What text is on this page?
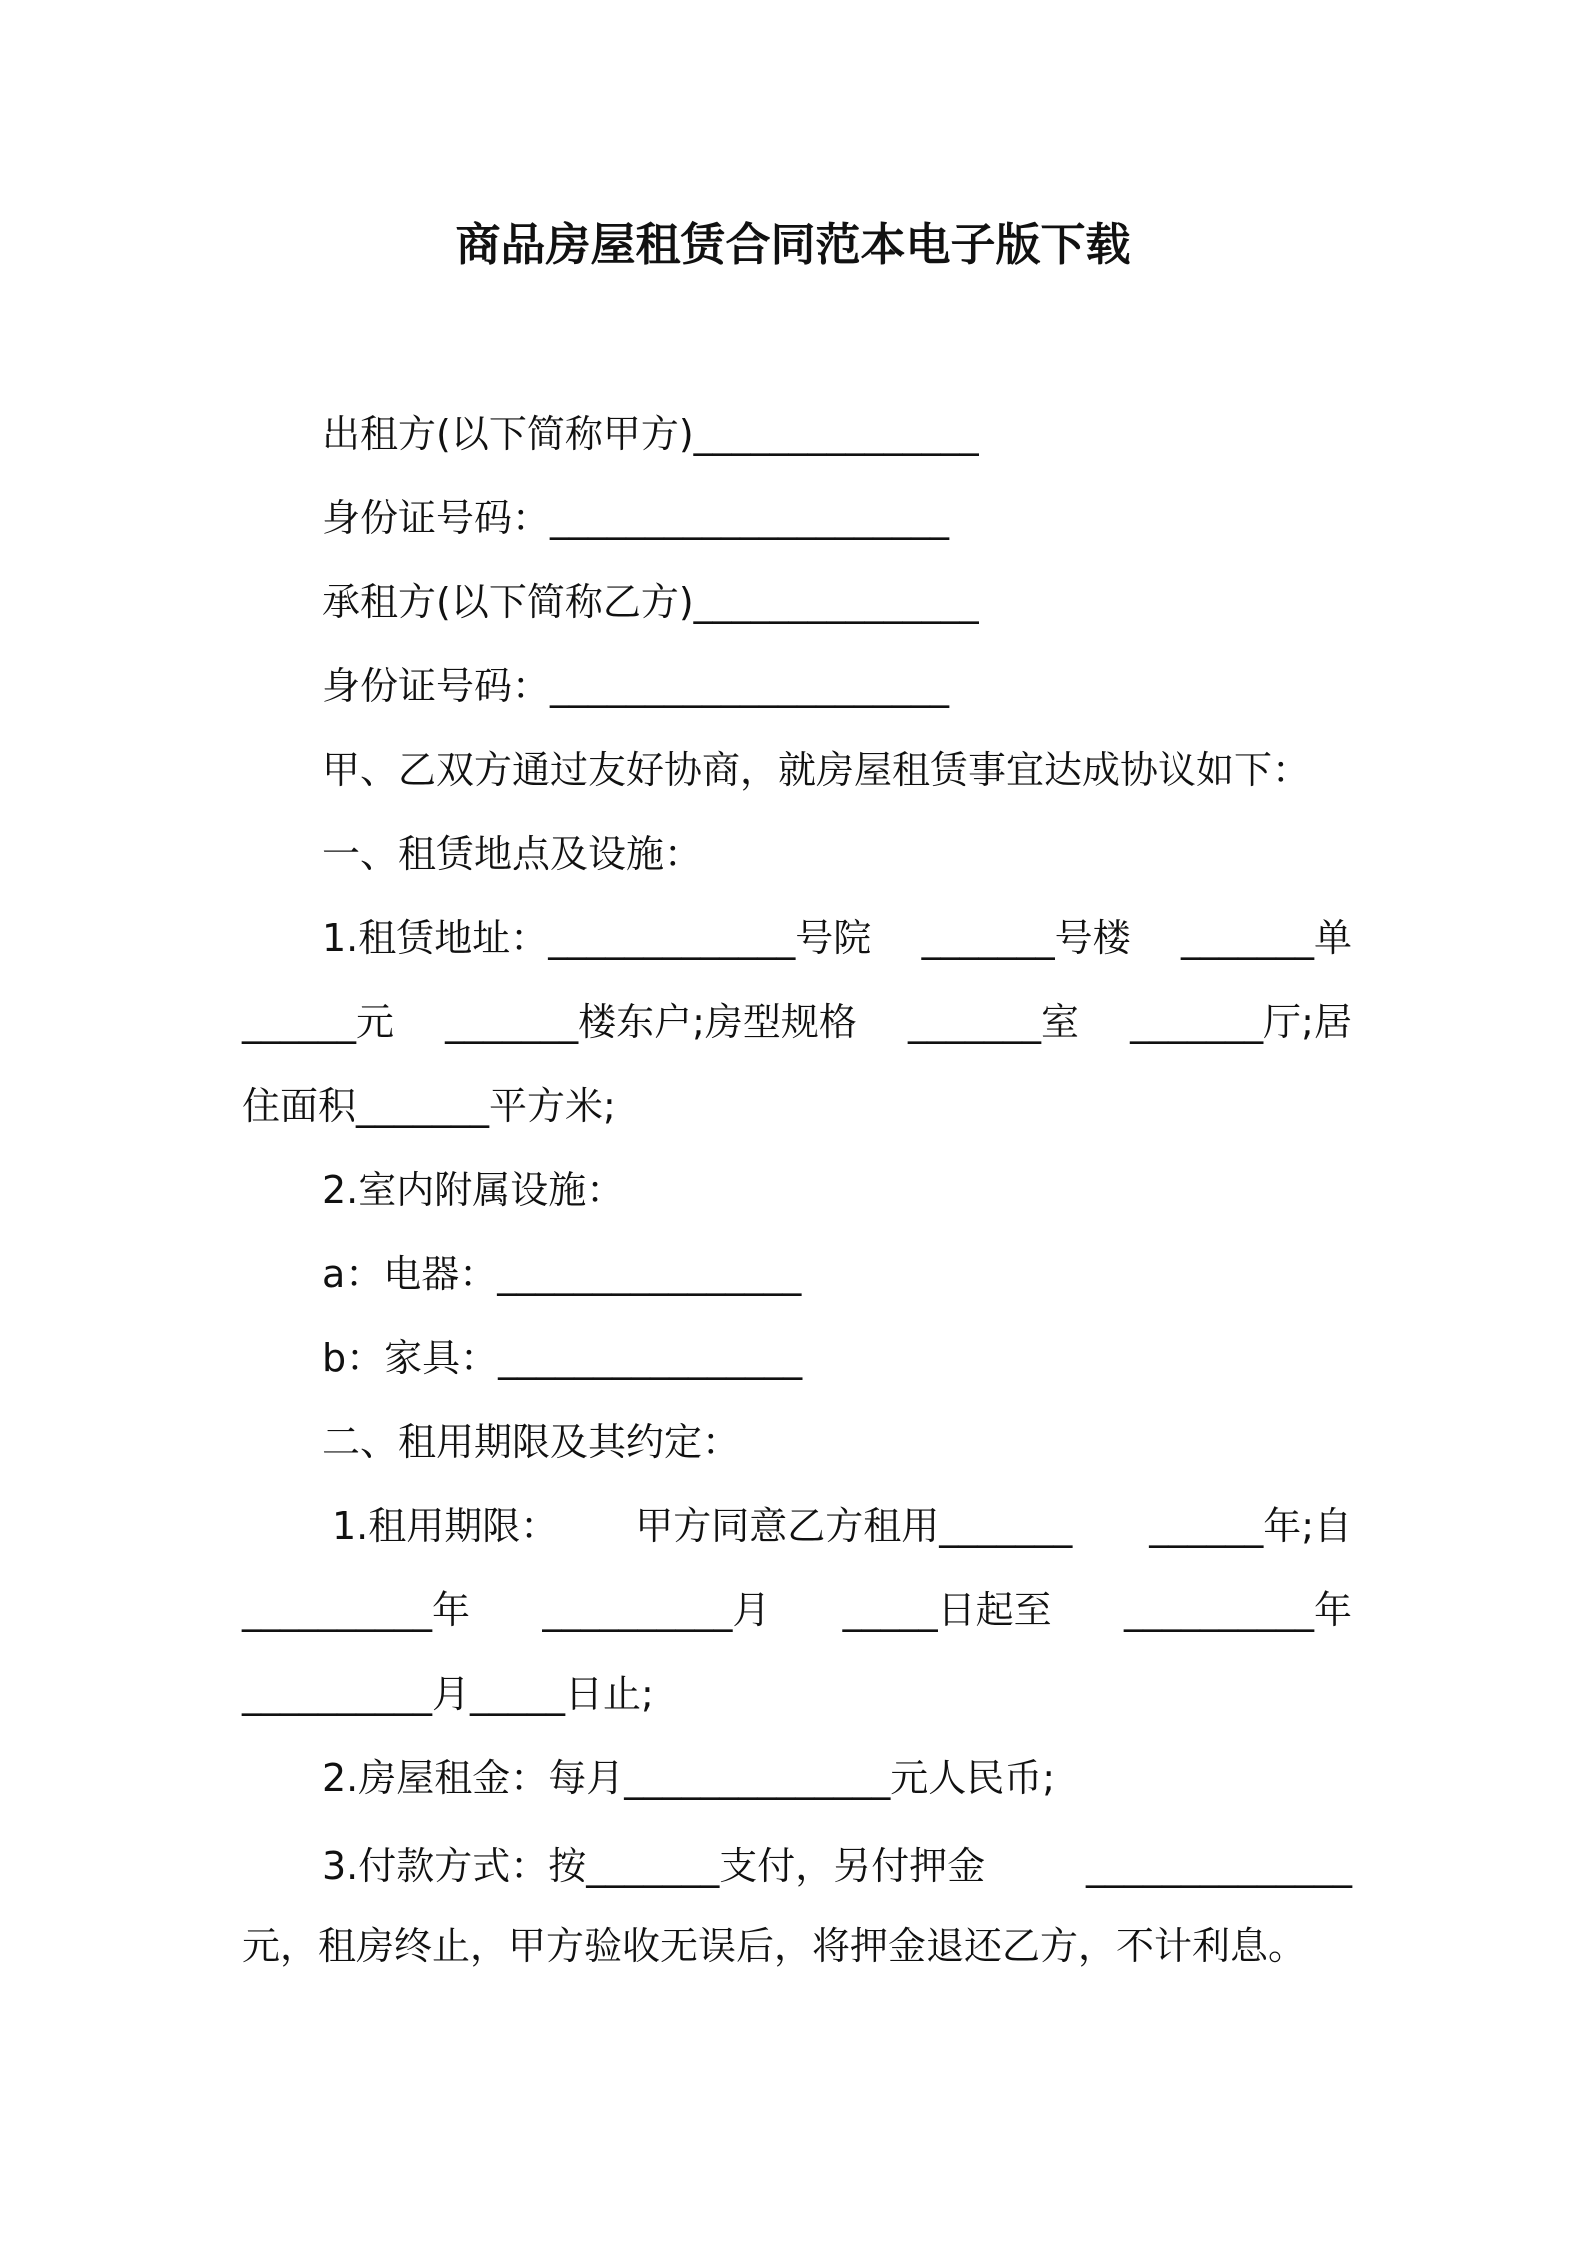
商品房屋租赁合同范本电子版下载

出租方(以下简称甲方)_______________

身份证号码：_____________________

承租方(以下简称乙方)_______________

身份证号码：_____________________

甲、乙双方通过友好协商，就房屋租赁事宜达成协议如下：

一、租赁地点及设施：

1.租赁地址：_____________号院 _______号楼 _______单
______元 _______楼东户;房型规格 _______室 _______厅;居

住面积_______平方米;

2.室内附属设施：

a：电器：________________

b：家具：________________

二、租用期限及其约定：

1.租用期限： 甲方同意乙方租用_______ ______年;自
__________年 __________月 _____日起至 __________年

__________月_____日止;

2.房屋租金：每月______________元人民币;

3.付款方式：按_______支付，另付押金	______________

元，租房终止，甲方验收无误后，将押金退还乙方，不计利息。
